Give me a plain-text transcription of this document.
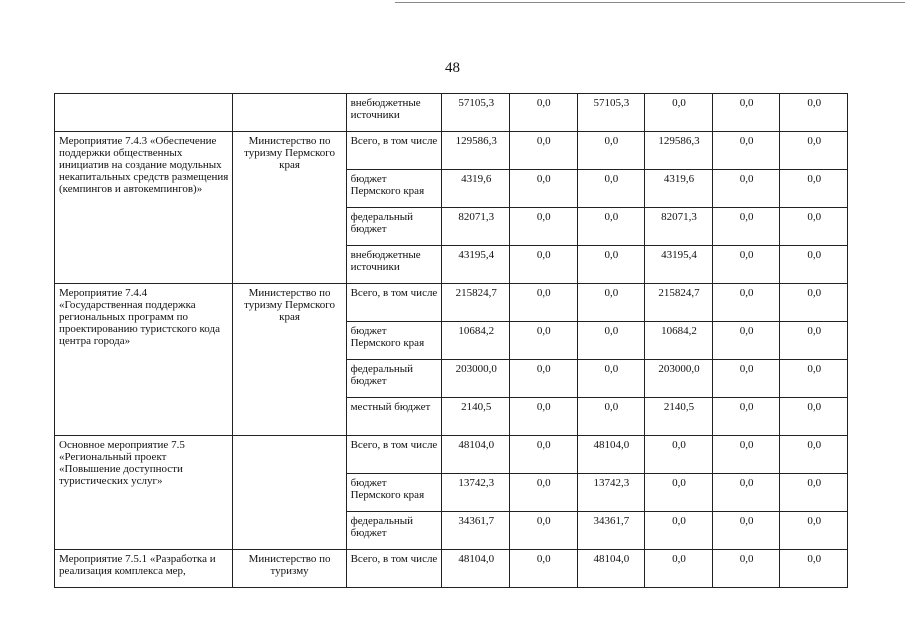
48
		внебюджетные источники	57105,3	0,0	57105,3	0,0	0,0	0,0
Мероприятие 7.4.3 «Обеспечение поддержки общественных инициатив на создание модульных некапитальных средств размещения (кемпингов и автокемпингов)»	Министерство по туризму Пермского края	Всего, в том числе	129586,3	0,0	0,0	129586,3	0,0	0,0
		бюджет Пермского края	4319,6	0,0	0,0	4319,6	0,0	0,0
		федеральный бюджет	82071,3	0,0	0,0	82071,3	0,0	0,0
		внебюджетные источники	43195,4	0,0	0,0	43195,4	0,0	0,0
Мероприятие 7.4.4 «Государственная поддержка региональных программ по проектированию туристского кода центра города»	Министерство по туризму Пермского края	Всего, в том числе	215824,7	0,0	0,0	215824,7	0,0	0,0
		бюджет Пермского края	10684,2	0,0	0,0	10684,2	0,0	0,0
		федеральный бюджет	203000,0	0,0	0,0	203000,0	0,0	0,0
		местный бюджет	2140,5	0,0	0,0	2140,5	0,0	0,0
Основное мероприятие 7.5 «Региональный проект «Повышение доступности туристических услуг»		Всего, в том числе	48104,0	0,0	48104,0	0,0	0,0	0,0
		бюджет Пермского края	13742,3	0,0	13742,3	0,0	0,0	0,0
		федеральный бюджет	34361,7	0,0	34361,7	0,0	0,0	0,0
Мероприятие 7.5.1 «Разработка и реализация комплекса мер,	Министерство по туризму	Всего, в том числе	48104,0	0,0	48104,0	0,0	0,0	0,0
